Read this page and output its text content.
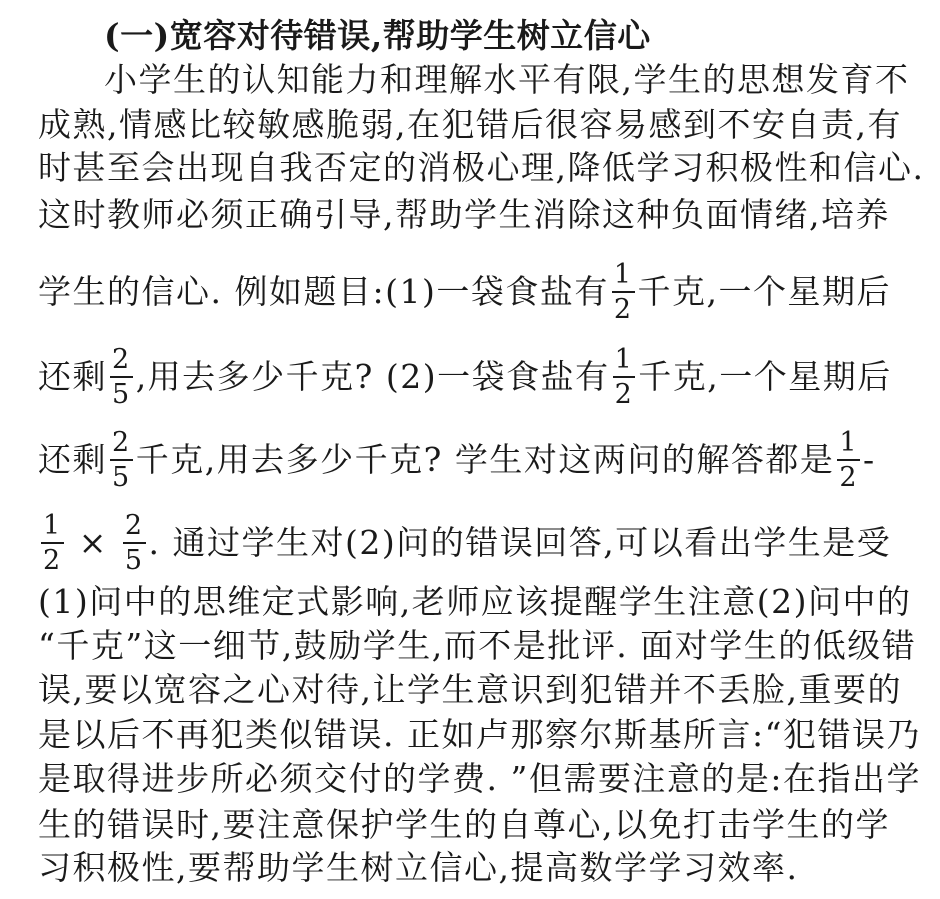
(一)宽容对待错误,帮助学生树立信心
小学生的认知能力和理解水平有限,学生的思想发育不
成熟,情感比较敏感脆弱,在犯错后很容易感到不安自责,有
时甚至会出现自我否定的消极心理,降低学习积极性和信心.
这时教师必须正确引导,帮助学生消除这种负面情绪,培养
学生的信心. 例如题目:(1)一袋食盐有 $\frac{1}{2}$ 千克,一个星期后
还剩 $\frac{2}{5}$ ,用去多少千克? (2)一袋食盐有 $\frac{1}{2}$ 千克,一个星期后
还剩 $\frac{2}{5}$ 千克,用去多少千克? 学生对这两问的解答都是 $\frac{1}{2}$ -
$\frac{1}{2} \times \frac{2}{5}$ . 通过学生对(2)问的错误回答,可以看出学生是受
(1)问中的思维定式影响,老师应该提醒学生注意(2)问中的
“千克”这一细节,鼓励学生,而不是批评. 面对学生的低级错
误,要以宽容之心对待,让学生意识到犯错并不丢脸,重要的
是以后不再犯类似错误. 正如卢那察尔斯基所言:“犯错误乃
是取得进步所必须交付的学费. ”但需要注意的是:在指出学
生的错误时,要注意保护学生的自尊心,以免打击学生的学
习积极性,要帮助学生树立信心,提高数学学习效率.
